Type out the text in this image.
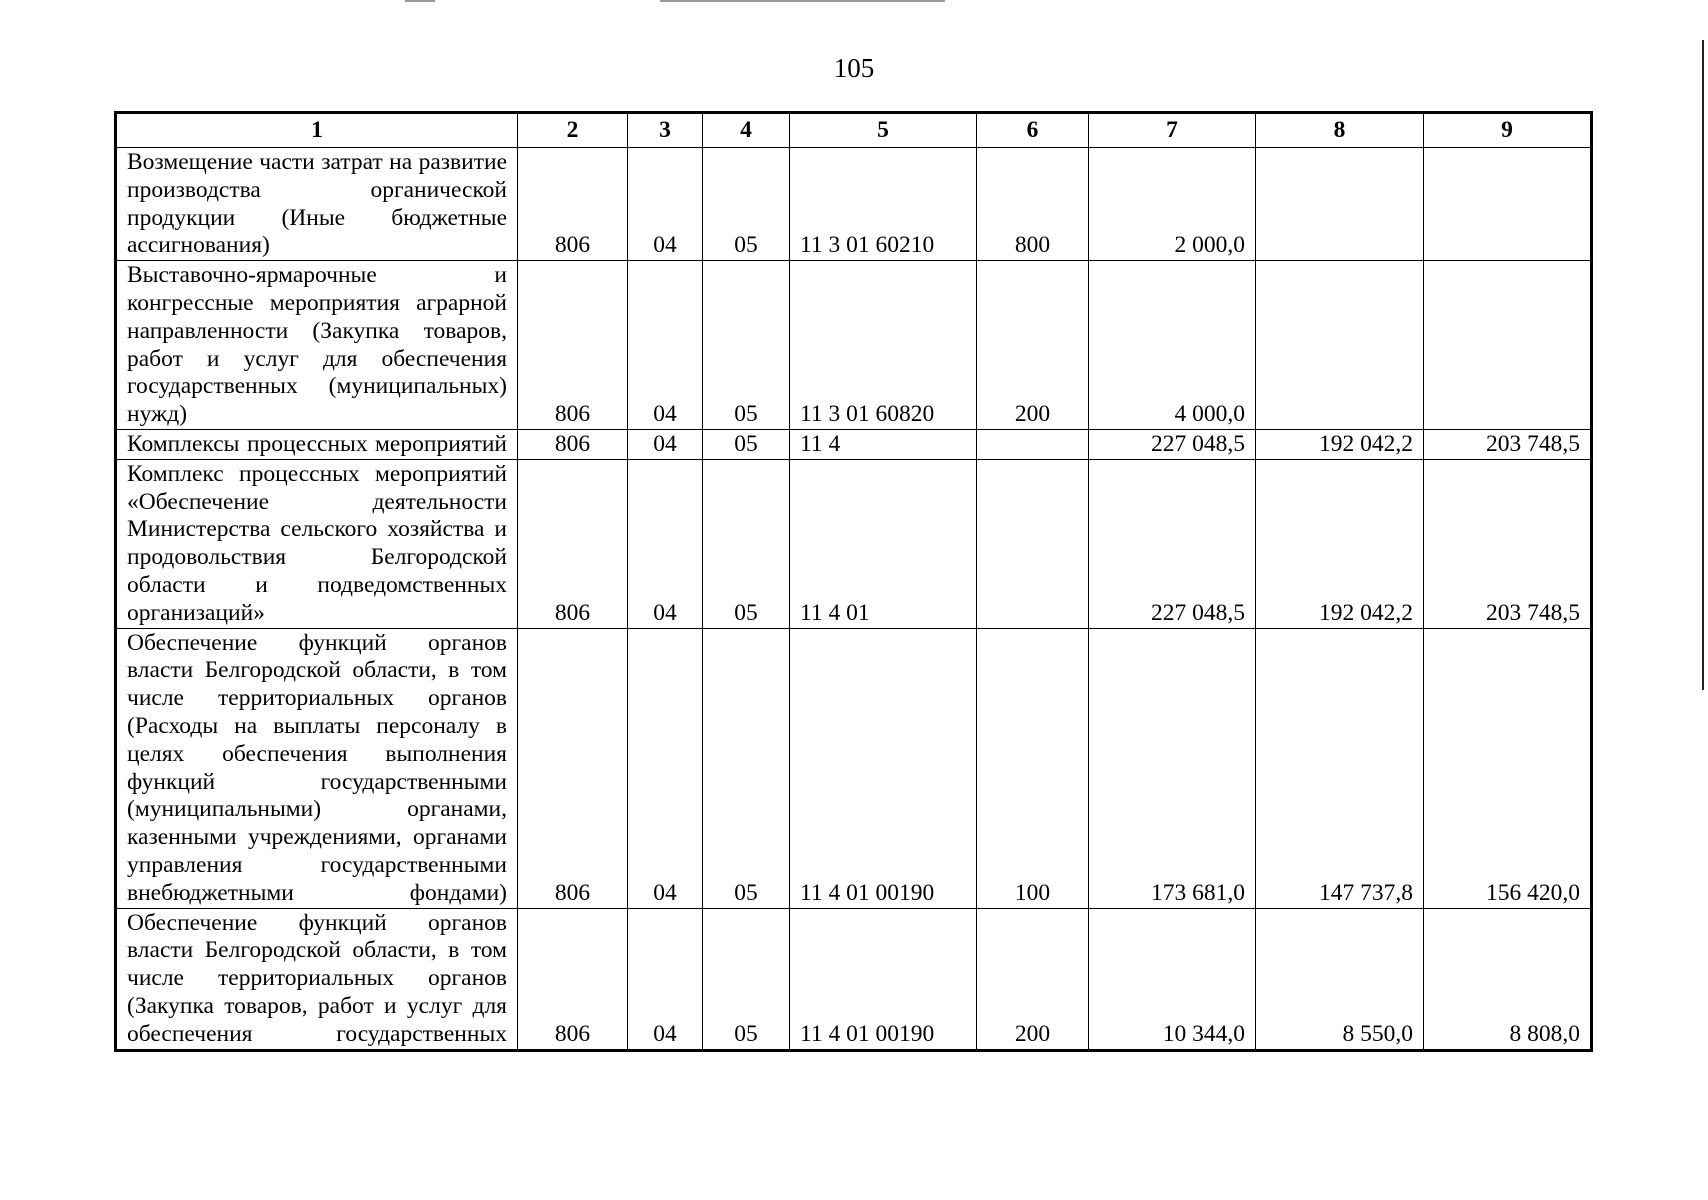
105
1	2	3	4	5	6	7	8	9
Возмещение части затрат на развитие производства органической продукции (Иные бюджетные ассигнования)	806	04	05	11 3 01 60210	800	2 000,0		
Выставочно-ярмарочные и конгрессные мероприятия аграрной направленности (Закупка товаров, работ и услуг для обеспечения государственных (муниципальных) нужд)	806	04	05	11 3 01 60820	200	4 000,0		
Комплексы процессных мероприятий	806	04	05	11 4		227 048,5	192 042,2	203 748,5
Комплекс процессных мероприятий «Обеспечение деятельности Министерства сельского хозяйства и продовольствия Белгородской области и подведомственных организаций»	806	04	05	11 4 01		227 048,5	192 042,2	203 748,5
Обеспечение функций органов власти Белгородской области, в том числе территориальных органов (Расходы на выплаты персоналу в целях обеспечения выполнения функций государственными (муниципальными) органами, казенными учреждениями, органами управления государственными внебюджетными фондами)	806	04	05	11 4 01 00190	100	173 681,0	147 737,8	156 420,0
Обеспечение функций органов власти Белгородской области, в том числе территориальных органов (Закупка товаров, работ и услуг для обеспечения государственных	806	04	05	11 4 01 00190	200	10 344,0	8 550,0	8 808,0
